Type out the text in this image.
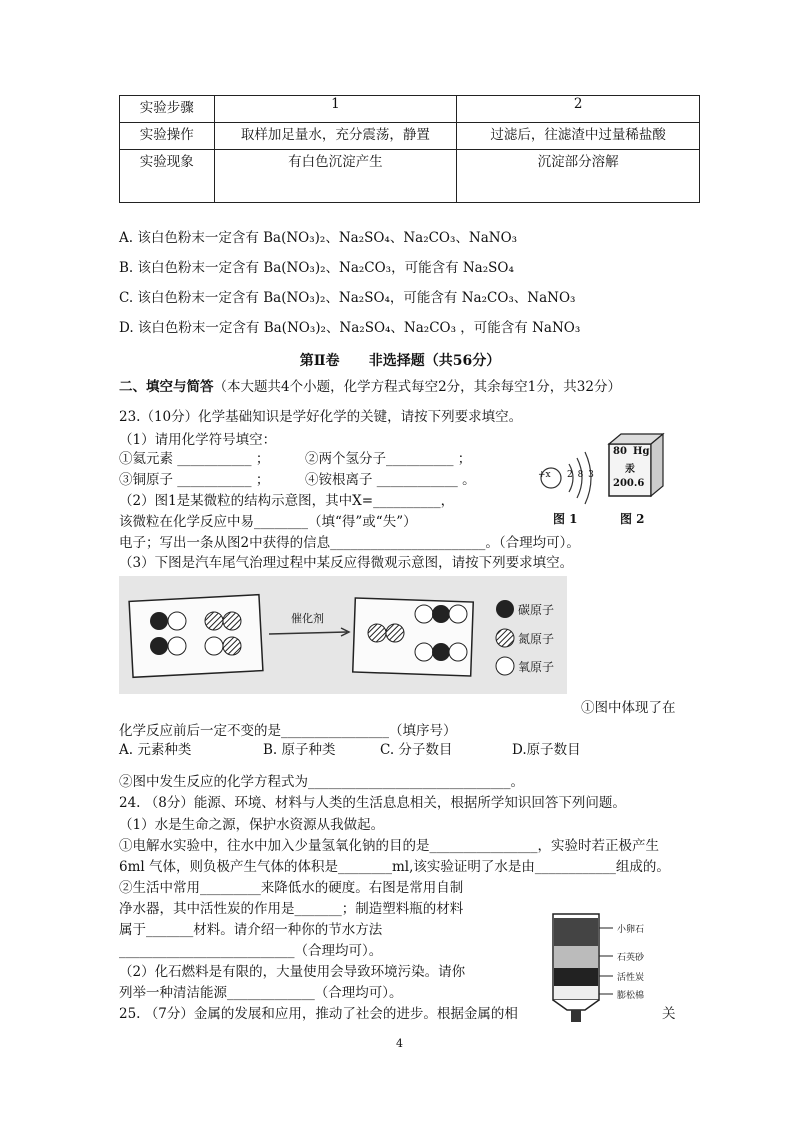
实验步骤	1	2
实验操作	取样加足量水，充分震荡，静置	过滤后，往滤渣中过量稀盐酸
实验现象	有白色沉淀产生	沉淀部分溶解
A. 该白色粉末一定含有 Ba(NO₃)₂、Na₂SO₄、Na₂CO₃、NaNO₃
B. 该白色粉末一定含有 Ba(NO₃)₂、Na₂CO₃，可能含有 Na₂SO₄
C. 该白色粉末一定含有 Ba(NO₃)₂、Na₂SO₄，可能含有 Na₂CO₃、NaNO₃
D. 该白色粉末一定含有 Ba(NO₃)₂、Na₂SO₄、Na₂CO₃ ，可能含有 NaNO₃
第Ⅱ卷      非选择题（共56分）
二、填空与简答（本大题共4个小题，化学方程式每空2分，其余每空1分，共32分）
23.（10分）化学基础知识是学好化学的关键，请按下列要求填空。
（1）请用化学符号填空：
①氦元素 ___________ ；	②两个氢分子__________ ；
③铜原子 ___________ ；	④铵根离子 ____________ 。
（2）图1是某微粒的结构示意图，其中X=__________，
该微粒在化学反应中易________（填“得”或“失”）
电子；写出一条从图2中获得的信息_______________________。（合理均可）。
（3）下图是汽车尾气治理过程中某反应得微观示意图，请按下列要求填空。
+x 2 8 3
80 Hg
汞
200.6
图 1	图 2
催化剂
碳原子
氮原子
氧原子
①图中体现了在
化学反应前后一定不变的是________________（填序号）
A. 元素种类	B. 原子种类	C. 分子数目	D.原子数目
②图中发生反应的化学方程式为______________________________。
24. （8分）能源、环境、材料与人类的生活息息相关，根据所学知识回答下列问题。
（1）水是生命之源，保护水资源从我做起。
①电解水实验中，往水中加入少量氢氧化钠的目的是________________，实验时若正极产生
6ml 气体，则负极产生气体的体积是________ml,该实验证明了水是由____________组成的。
②生活中常用_________来降低水的硬度。右图是常用自制
净水器，其中活性炭的作用是_______；制造塑料瓶的材料
属于_______材料。请介绍一种你的节水方法
__________________________（合理均可）。
（2）化石燃料是有限的，大量使用会导致环境污染。请你
列举一种清洁能源_____________（合理均可）。
小卵石
石英砂
活性炭
膨松棉
25. （7分）金属的发展和应用，推动了社会的进步。根据金属的相	关
4
